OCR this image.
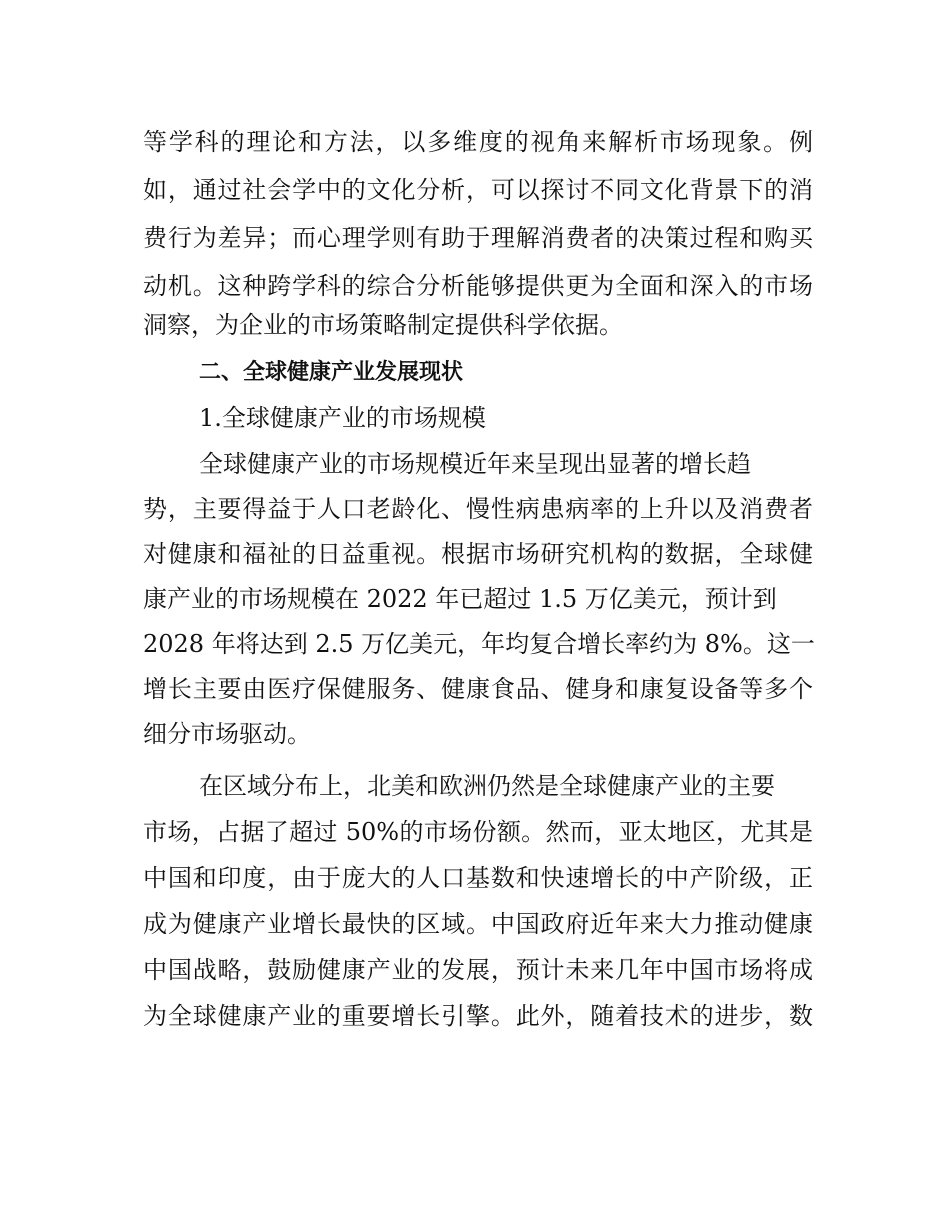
等学科的理论和方法，以多维度的视角来解析市场现象。例
如，通过社会学中的文化分析，可以探讨不同文化背景下的消
费行为差异；而心理学则有助于理解消费者的决策过程和购买
动机。这种跨学科的综合分析能够提供更为全面和深入的市场
洞察，为企业的市场策略制定提供科学依据。
二、全球健康产业发展现状
1.全球健康产业的市场规模
全球健康产业的市场规模近年来呈现出显著的增长趋
势，主要得益于人口老龄化、慢性病患病率的上升以及消费者
对健康和福祉的日益重视。根据市场研究机构的数据，全球健
康产业的市场规模在 2022 年已超过 1.5 万亿美元，预计到
2028 年将达到 2.5 万亿美元，年均复合增长率约为 8%。这一
增长主要由医疗保健服务、健康食品、健身和康复设备等多个
细分市场驱动。
在区域分布上，北美和欧洲仍然是全球健康产业的主要
市场，占据了超过 50%的市场份额。然而，亚太地区，尤其是
中国和印度，由于庞大的人口基数和快速增长的中产阶级，正
成为健康产业增长最快的区域。中国政府近年来大力推动健康
中国战略，鼓励健康产业的发展，预计未来几年中国市场将成
为全球健康产业的重要增长引擎。此外，随着技术的进步，数
